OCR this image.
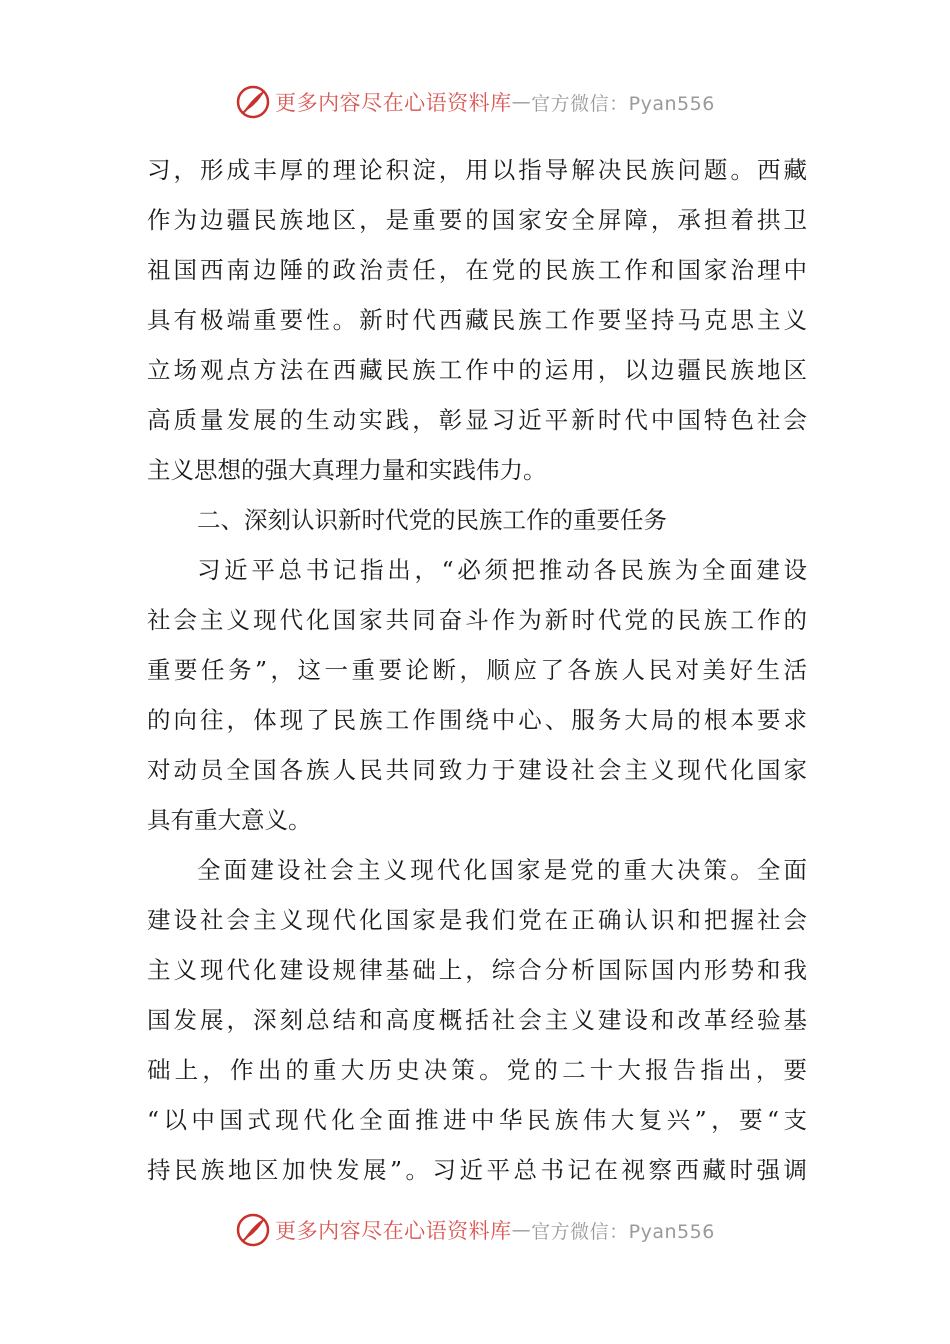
更多内容尽在心语资料库 — 官方微信：Pyan556
习，形成丰厚的理论积淀，用以指导解决民族问题。西藏
作为边疆民族地区，是重要的国家安全屏障，承担着拱卫
祖国西南边陲的政治责任，在党的民族工作和国家治理中
具有极端重要性。新时代西藏民族工作要坚持马克思主义
立场观点方法在西藏民族工作中的运用，以边疆民族地区
高质量发展的生动实践，彰显习近平新时代中国特色社会
主义思想的强大真理力量和实践伟力。
二、深刻认识新时代党的民族工作的重要任务
习近平总书记指出，“必须把推动各民族为全面建设
社会主义现代化国家共同奋斗作为新时代党的民族工作的
重要任务”，这一重要论断，顺应了各族人民对美好生活
的向往，体现了民族工作围绕中心、服务大局的根本要求
对动员全国各族人民共同致力于建设社会主义现代化国家
具有重大意义。
全面建设社会主义现代化国家是党的重大决策。全面
建设社会主义现代化国家是我们党在正确认识和把握社会
主义现代化建设规律基础上，综合分析国际国内形势和我
国发展，深刻总结和高度概括社会主义建设和改革经验基
础上，作出的重大历史决策。党的二十大报告指出，要
“以中国式现代化全面推进中华民族伟大复兴”，要“支
持民族地区加快发展”。习近平总书记在视察西藏时强调
更多内容尽在心语资料库 — 官方微信：Pyan556
